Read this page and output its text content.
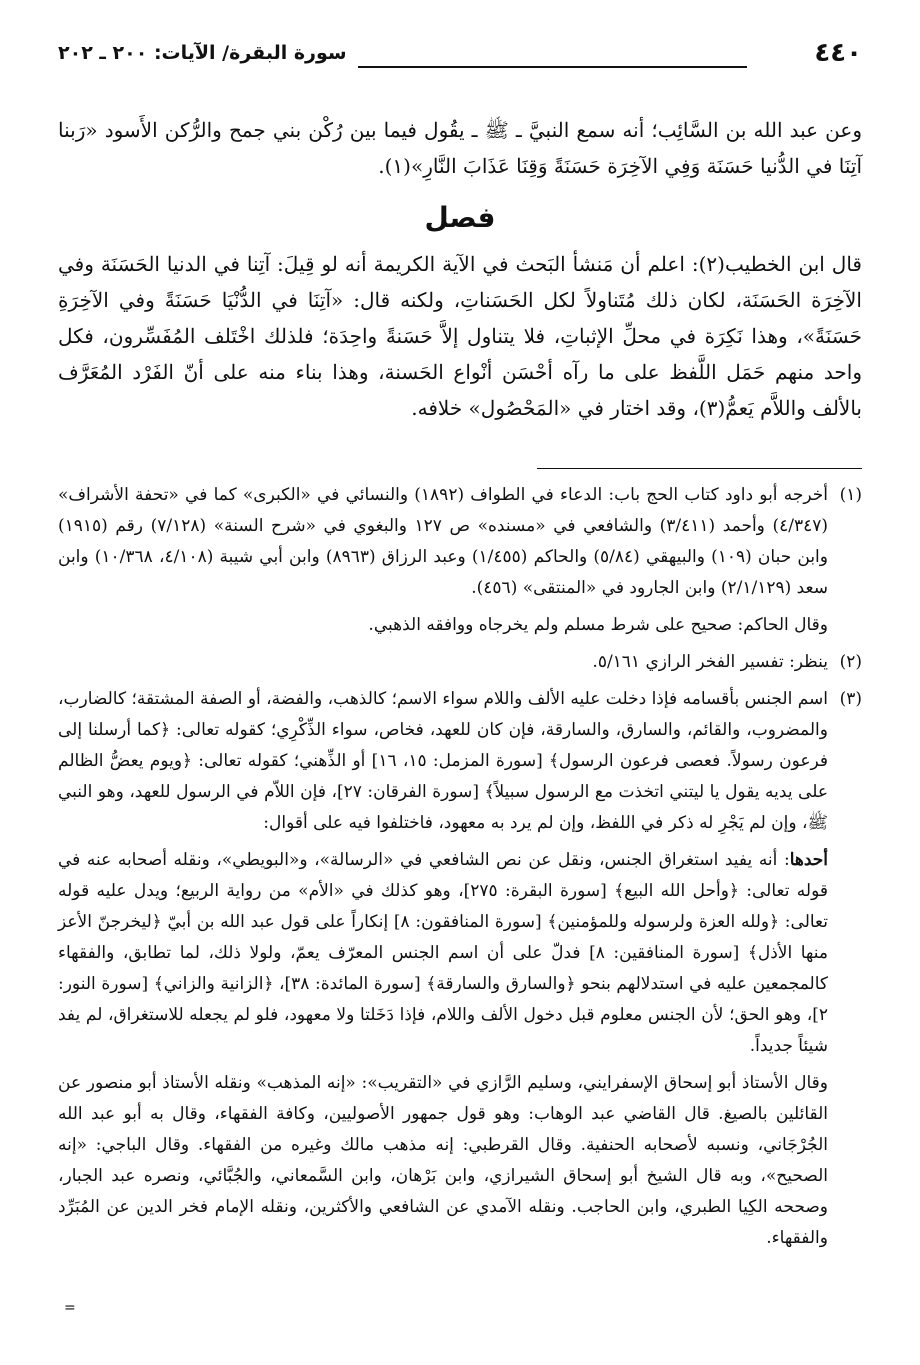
٤٤٠
سورة البقرة/ الآيات: ٢٠٠ ـ ٢٠٢

وعن عبد الله بن السَّائِب؛ أنه سمع النبيَّ ـ ﷺ ـ يقُول فيما بين رُكْن بني جمح والرُّكن الأَسود «رَبنا آتِنَا في الدُّنيا حَسَنَة وَفِي الآخِرَة حَسَنَةً وَقِنَا عَذَابَ النَّارِ»(١).

فصل

قال ابن الخطيب(٢): اعلم أن مَنشأ البَحث في الآية الكريمة أنه لو قِيلَ: آتِنا في الدنيا الحَسَنَة وفي الآخِرَة الحَسَنَة، لكان ذلك مُتَناولاً لكل الحَسَناتِ، ولكنه قال: «آتِنَا في الدُّنْيَا حَسَنَةً وفي الآخِرَةِ حَسَنَةً»، وهذا نَكِرَة في محلِّ الإثباتِ، فلا يتناول إلاَّ حَسَنةً واحِدَة؛ فلذلك اخْتَلف المُفَسِّرون، فكل واحد منهم حَمَل اللَّفظ على ما رآه أحْسَن أنْواع الحَسنة، وهذا بناء منه على أنّ الفَرْد المُعَرَّف بالألف واللاَّم يَعمُّ(٣)، وقد اختار في «المَحْصُول» خلافه.

(١)

أخرجه أبو داود كتاب الحج باب: الدعاء في الطواف (١٨٩٢) والنسائي في «الكبرى» كما في «تحفة الأشراف» (٤/٣٤٧) وأحمد (٣/٤١١) والشافعي في «مسنده» ص ١٢٧ والبغوي في «شرح السنة» (٧/١٢٨) رقم (١٩١٥) وابن حبان (١٠٩) والبيهقي (٥/٨٤) والحاكم (١/٤٥٥) وعبد الرزاق (٨٩٦٣) وابن أبي شيبة (٤/١٠٨، ١٠/٣٦٨) وابن سعد (٢/١/١٢٩) وابن الجارود في «المنتقى» (٤٥٦).

وقال الحاكم: صحيح على شرط مسلم ولم يخرجاه ووافقه الذهبي.

(٢)

ينظر: تفسير الفخر الرازي ٥/١٦١.

(٣)

اسم الجنس بأقسامه فإذا دخلت عليه الألف واللام سواء الاسم؛ كالذهب، والفضة، أو الصفة المشتقة؛ كالضارب، والمضروب، والقائم، والسارق، والسارقة، فإن كان للعهد، فخاص، سواء الذِّكْرِي؛ كقوله تعالى: ﴿كما أرسلنا إلى فرعون رسولاً. فعصى فرعون الرسول﴾ [سورة المزمل: ١٥، ١٦] أو الذِّهني؛ كقوله تعالى: ﴿ويوم يعضُّ الظالم على يديه يقول يا ليتني اتخذت مع الرسول سبيلاً﴾ [سورة الفرقان: ٢٧]، فإن اللاّم في الرسول للعهد، وهو النبي ﷺ، وإن لم يَجْرِ له ذكر في اللفظ، وإن لم يرد به معهود، فاختلفوا فيه على أقوال:

أحدها: أنه يفيد استغراق الجنس، ونقل عن نص الشافعي في «الرسالة»، و«البويطي»، ونقله أصحابه عنه في قوله تعالى: ﴿وأحل الله البيع﴾ [سورة البقرة: ٢٧٥]، وهو كذلك في «الأم» من رواية الربيع؛ ويدل عليه قوله تعالى: ﴿ولله العزة ولرسوله وللمؤمنين﴾ [سورة المنافقون: ٨] إنكاراً على قول عبد الله بن أبيّ ﴿ليخرجنّ الأعز منها الأذل﴾ [سورة المنافقين: ٨] فدلّ على أن اسم الجنس المعرّف يعمّ، ولولا ذلك، لما تطابق، والفقهاء كالمجمعين عليه في استدلالهم بنحو ﴿والسارق والسارقة﴾ [سورة المائدة: ٣٨]، ﴿الزانية والزاني﴾ [سورة النور: ٢]، وهو الحق؛ لأن الجنس معلوم قبل دخول الألف واللام، فإذا دَخَلتا ولا معهود، فلو لم يجعله للاستغراق، لم يفد شيئاً جديداً.

وقال الأستاذ أبو إسحاق الإسفرايني، وسليم الرَّازي في «التقريب»: «إنه المذهب» ونقله الأستاذ أبو منصور عن القائلين بالصيغ. قال القاضي عبد الوهاب: وهو قول جمهور الأصوليين، وكافة الفقهاء، وقال به أبو عبد الله الجُرْجَاني، ونسبه لأصحابه الحنفية. وقال القرطبي: إنه مذهب مالك وغيره من الفقهاء. وقال الباجي: «إنه الصحيح»، وبه قال الشيخ أبو إسحاق الشيرازي، وابن بَرْهان، وابن السَّمعاني، والجُبَّائي، ونصره عبد الجبار، وصححه الكِيا الطبري، وابن الحاجب. ونقله الآمدي عن الشافعي والأكثرين، ونقله الإمام فخر الدين عن المُبَرِّد والفقهاء.

=
